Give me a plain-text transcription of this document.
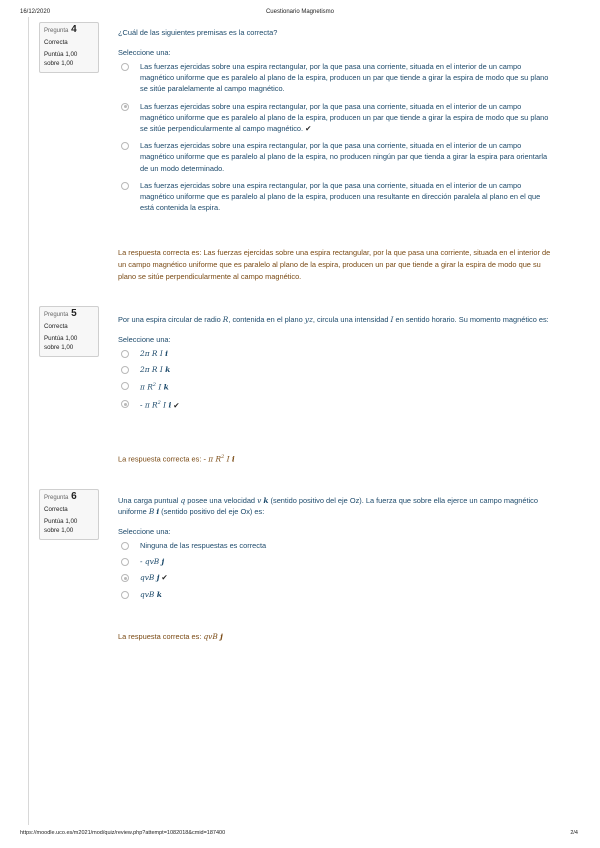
16/12/2020	Cuestionario Magnetismo
Pregunta 4
Correcta
Puntúa 1,00
sobre 1,00

¿Cuál de las siguientes premisas es la correcta?

Seleccione una:

Las fuerzas ejercidas sobre una espira rectangular, por la que pasa una corriente, situada en el interior de un campo magnético uniforme que es paralelo al plano de la espira, producen un par que tiende a girar la espira de modo que su plano se sitúe paralelamente al campo magnético.
Las fuerzas ejercidas sobre una espira rectangular, por la que pasa una corriente, situada en el interior de un campo magnético uniforme que es paralelo al plano de la espira, producen un par que tiende a girar la espira de modo que su plano se sitúe perpendicularmente al campo magnético. ✔
Las fuerzas ejercidas sobre una espira rectangular, por la que pasa una corriente, situada en el interior de un campo magnético uniforme que es paralelo al plano de la espira, no producen ningún par que tienda a girar la espira para orientarla de un modo determinado.
Las fuerzas ejercidas sobre una espira rectangular, por la que pasa una corriente, situada en el interior de un campo magnético uniforme que es paralelo al plano de la espira, producen una resultante en dirección paralela al plano en el que está contenida la espira.
La respuesta correcta es: Las fuerzas ejercidas sobre una espira rectangular, por la que pasa una corriente, situada en el interior de un campo magnético uniforme que es paralelo al plano de la espira, producen un par que tiende a girar la espira de modo que su plano se sitúe perpendicularmente al campo magnético.
Pregunta 5
Correcta
Puntúa 1,00
sobre 1,00

Por una espira circular de radio R, contenida en el plano yz, circula una intensidad I en sentido horario. Su momento magnético es:

Seleccione una:

2π R I i
2π R I k
π $R^2$ I k
- π $R^2$ I i ✔
La respuesta correcta es: - π $R^2$ I i
Pregunta 6
Correcta
Puntúa 1,00
sobre 1,00

Una carga puntual q posee una velocidad v k (sentido positivo del eje Oz). La fuerza que sobre ella ejerce un campo magnético uniforme B i (sentido positivo del eje Ox) es:

Seleccione una:

Ninguna de las respuestas es correcta
- qvB j
qvB j ✔
qvB k
La respuesta correcta es: qvB j
https://moodle.uco.es/m2021/mod/quiz/review.php?attempt=1082018&cmid=187400	2/4
